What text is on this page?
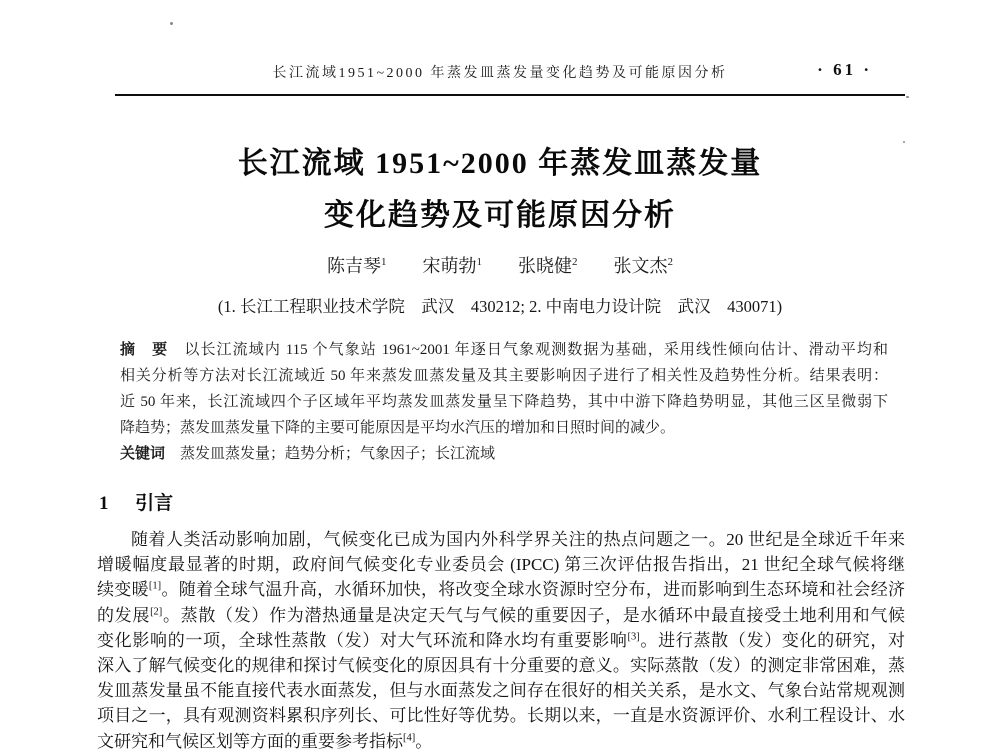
长江流域1951~2000 年蒸发皿蒸发量变化趋势及可能原因分析	· 61 ·
长江流域 1951~2000 年蒸发皿蒸发量
变化趋势及可能原因分析
陈吉琴$^1$　　宋萌勃$^1$　　张晓健$^2$　　张文杰$^2$
(1. 长江工程职业技术学院　武汉　430212; 2. 中南电力设计院　武汉　430071)
摘　要　以长江流域内 115 个气象站 1961~2001 年逐日气象观测数据为基础，采用线性倾向估计、滑动平均和
相关分析等方法对长江流域近 50 年来蒸发皿蒸发量及其主要影响因子进行了相关性及趋势性分析。结果表明：
近 50 年来，长江流域四个子区域年平均蒸发皿蒸发量呈下降趋势，其中中游下降趋势明显，其他三区呈微弱下
降趋势；蒸发皿蒸发量下降的主要可能原因是平均水汽压的增加和日照时间的减少。
关键词　蒸发皿蒸发量；趋势分析；气象因子；长江流域
1 引言
随着人类活动影响加剧，气候变化已成为国内外科学界关注的热点问题之一。20 世纪是全球近千年来
增暖幅度最显著的时期，政府间气候变化专业委员会 (IPCC) 第三次评估报告指出，21 世纪全球气候将继
续变暖[1]。随着全球气温升高，水循环加快，将改变全球水资源时空分布，进而影响到生态环境和社会经济
的发展[2]。蒸散（发）作为潜热通量是决定天气与气候的重要因子，是水循环中最直接受土地利用和气候
变化影响的一项，全球性蒸散（发）对大气环流和降水均有重要影响[3]。进行蒸散（发）变化的研究，对
深入了解气候变化的规律和探讨气候变化的原因具有十分重要的意义。实际蒸散（发）的测定非常困难，蒸
发皿蒸发量虽不能直接代表水面蒸发，但与水面蒸发之间存在很好的相关关系，是水文、气象台站常规观测
项目之一，具有观测资料累积序列长、可比性好等优势。长期以来，一直是水资源评价、水利工程设计、水
文研究和气候区划等方面的重要参考指标[4]。
